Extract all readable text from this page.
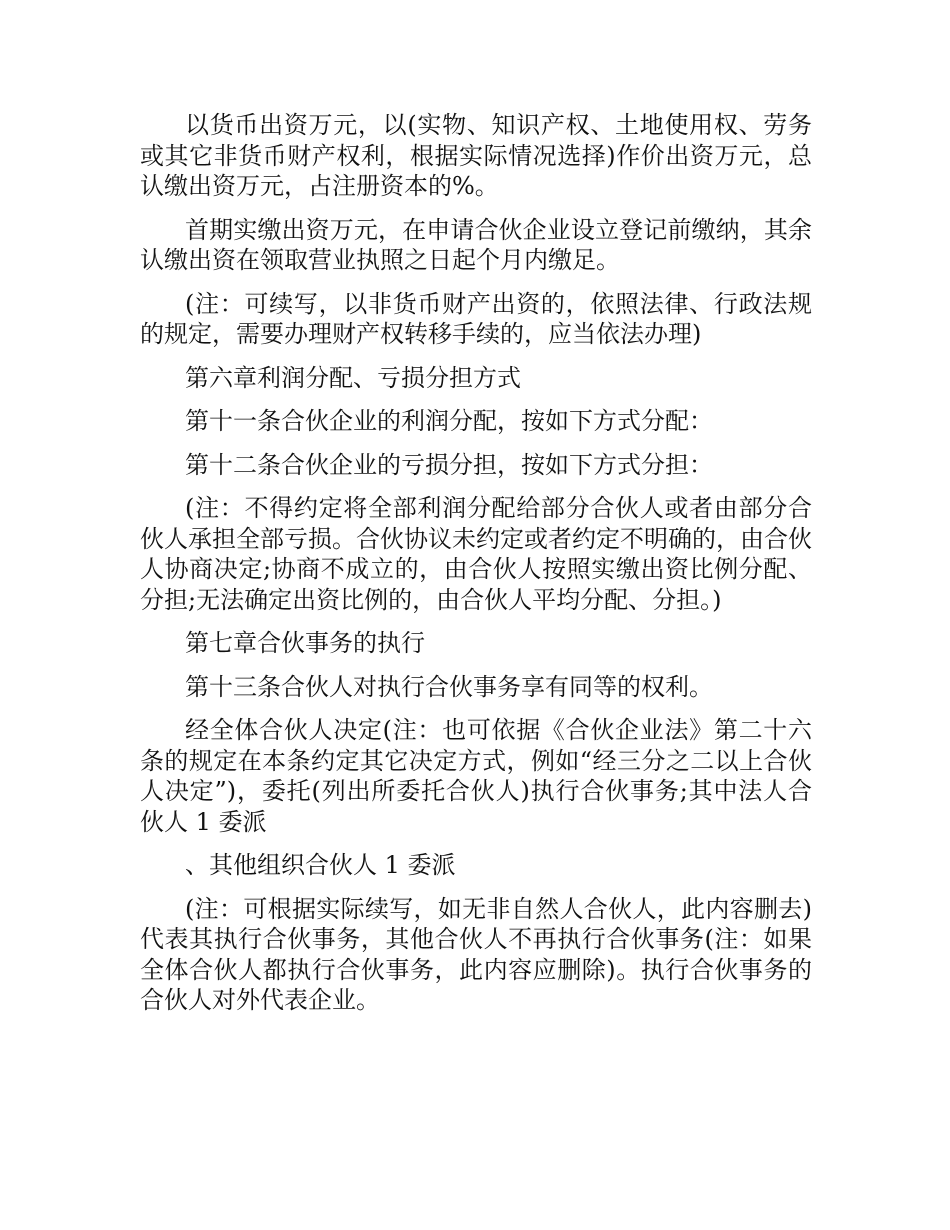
以货币出资万元，以(实物、知识产权、土地使用权、劳务或其它非货币财产权利，根据实际情况选择)作价出资万元，总认缴出资万元，占注册资本的%。

首期实缴出资万元，在申请合伙企业设立登记前缴纳，其余认缴出资在领取营业执照之日起个月内缴足。

(注：可续写，以非货币财产出资的，依照法律、行政法规的规定，需要办理财产权转移手续的，应当依法办理)

第六章利润分配、亏损分担方式

第十一条合伙企业的利润分配，按如下方式分配：

第十二条合伙企业的亏损分担，按如下方式分担：

(注：不得约定将全部利润分配给部分合伙人或者由部分合伙人承担全部亏损。合伙协议未约定或者约定不明确的，由合伙人协商决定;协商不成立的，由合伙人按照实缴出资比例分配、分担;无法确定出资比例的，由合伙人平均分配、分担。)

第七章合伙事务的执行

第十三条合伙人对执行合伙事务享有同等的权利。

经全体合伙人决定(注：也可依据《合伙企业法》第二十六条的规定在本条约定其它决定方式，例如“经三分之二以上合伙人决定”)，委托(列出所委托合伙人)执行合伙事务;其中法人合伙人 1 委派

、其他组织合伙人 1 委派

(注：可根据实际续写，如无非自然人合伙人，此内容删去)代表其执行合伙事务，其他合伙人不再执行合伙事务(注：如果全体合伙人都执行合伙事务，此内容应删除)。执行合伙事务的合伙人对外代表企业。
